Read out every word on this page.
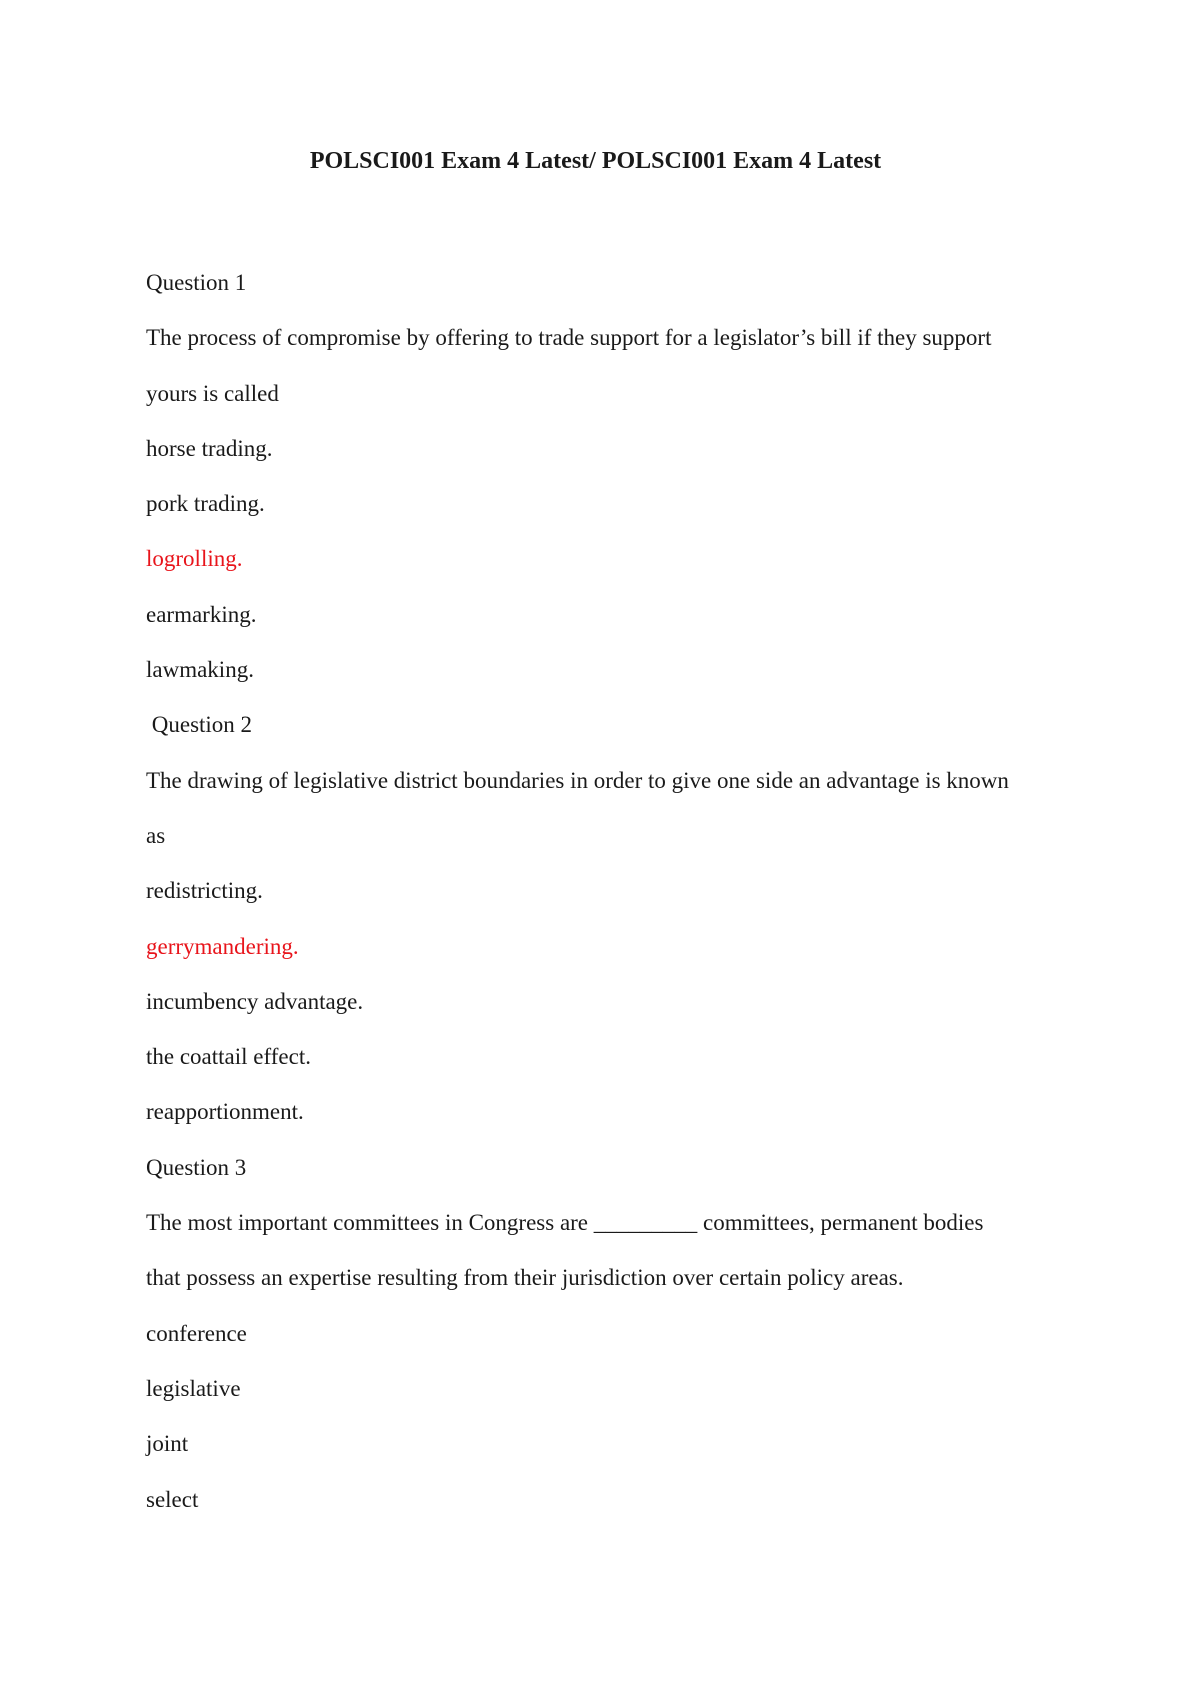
POLSCI001 Exam 4 Latest/ POLSCI001 Exam 4 Latest
Question 1
The process of compromise by offering to trade support for a legislator’s bill if they support
yours is called
horse trading.
pork trading.
logrolling.
earmarking.
lawmaking.
Question 2
The drawing of legislative district boundaries in order to give one side an advantage is known
as
redistricting.
gerrymandering.
incumbency advantage.
the coattail effect.
reapportionment.
Question 3
The most important committees in Congress are _________ committees, permanent bodies
that possess an expertise resulting from their jurisdiction over certain policy areas.
conference
legislative
joint
select
